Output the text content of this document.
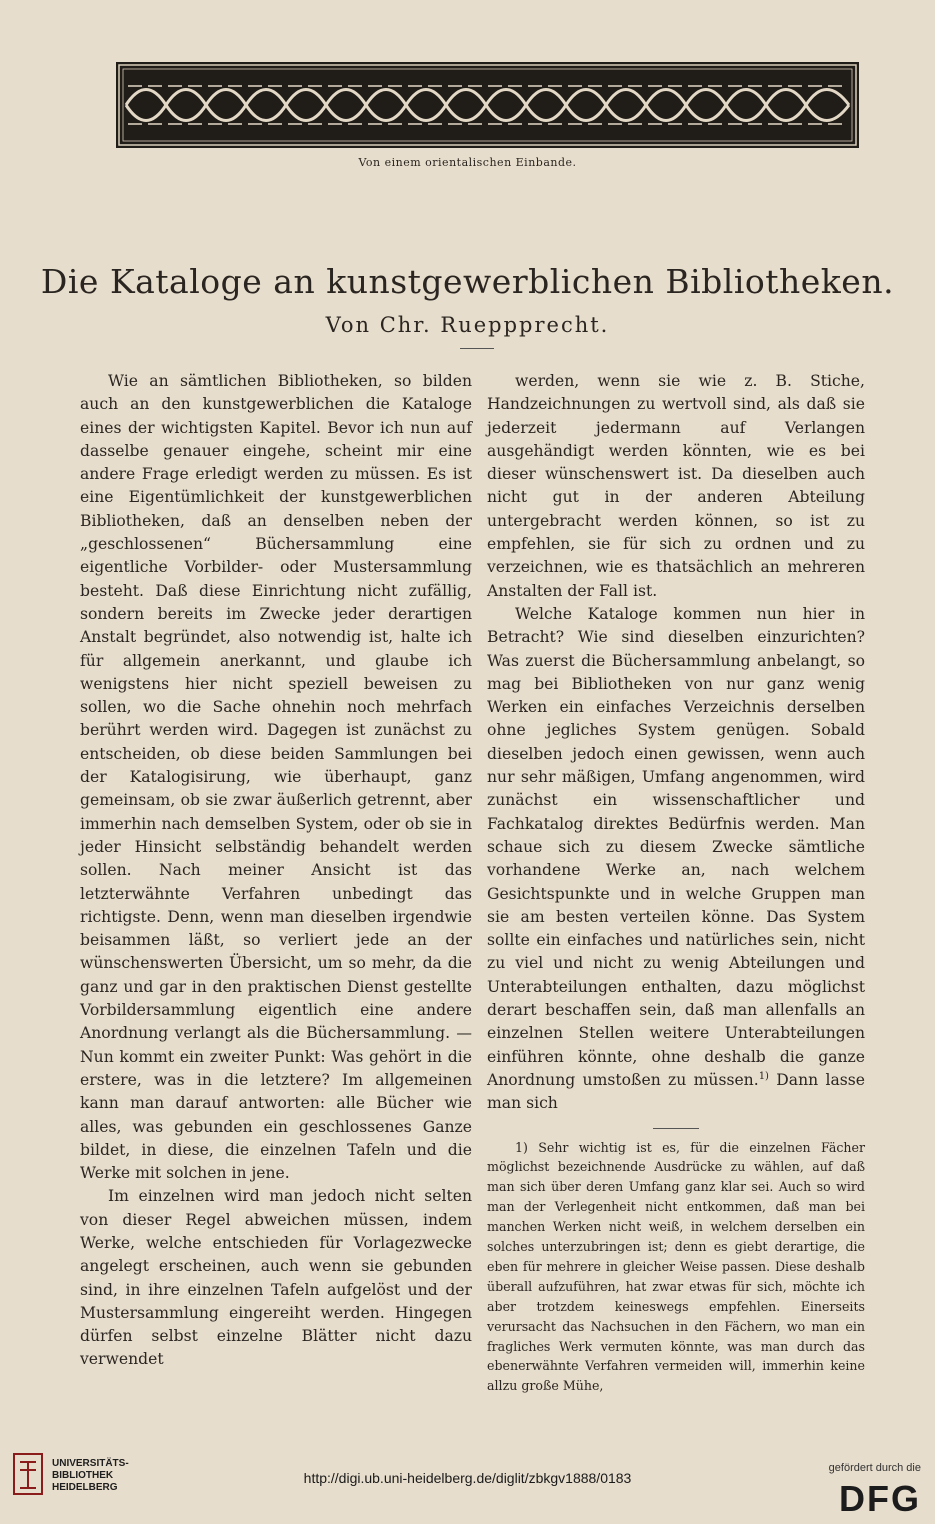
Von einem orientalischen Einbande.
Die Kataloge an kunstgewerblichen Bibliotheken.
Von Chr. Rueppprecht.

Wie an sämtlichen Bibliotheken, so bilden auch an den kunstgewerblichen die Kataloge eines der wichtigsten Kapitel. Bevor ich nun auf dasselbe genauer eingehe, scheint mir eine andere Frage erledigt werden zu müssen. Es ist eine Eigentümlichkeit der kunstgewerblichen Bibliotheken, daß an denselben neben der „geschlossenen“ Büchersammlung eine eigentliche Vorbilder- oder Mustersammlung besteht. Daß diese Einrichtung nicht zufällig, sondern bereits im Zwecke jeder derartigen Anstalt begründet, also notwendig ist, halte ich für allgemein anerkannt, und glaube ich wenigstens hier nicht speziell beweisen zu sollen, wo die Sache ohnehin noch mehrfach berührt werden wird. Dagegen ist zunächst zu entscheiden, ob diese beiden Sammlungen bei der Katalogisirung, wie überhaupt, ganz gemeinsam, ob sie zwar äußerlich getrennt, aber immerhin nach demselben System, oder ob sie in jeder Hinsicht selbständig behandelt werden sollen. Nach meiner Ansicht ist das letzterwähnte Verfahren unbedingt das richtigste. Denn, wenn man dieselben irgendwie beisammen läßt, so verliert jede an der wünschenswerten Übersicht, um so mehr, da die ganz und gar in den praktischen Dienst gestellte Vorbildersammlung eigentlich eine andere Anordnung verlangt als die Büchersammlung. — Nun kommt ein zweiter Punkt: Was gehört in die erstere, was in die letztere? Im allgemeinen kann man darauf antworten: alle Bücher wie alles, was gebunden ein geschlossenes Ganze bildet, in diese, die einzelnen Tafeln und die Werke mit solchen in jene.

Im einzelnen wird man jedoch nicht selten von dieser Regel abweichen müssen, indem Werke, welche entschieden für Vorlagezwecke angelegt erscheinen, auch wenn sie gebunden sind, in ihre einzelnen Tafeln aufgelöst und der Mustersammlung eingereiht werden. Hingegen dürfen selbst einzelne Blätter nicht dazu verwendet

werden, wenn sie wie z. B. Stiche, Handzeichnungen zu wertvoll sind, als daß sie jederzeit jedermann auf Verlangen ausgehändigt werden könnten, wie es bei dieser wünschenswert ist. Da dieselben auch nicht gut in der anderen Abteilung untergebracht werden können, so ist zu empfehlen, sie für sich zu ordnen und zu verzeichnen, wie es thatsächlich an mehreren Anstalten der Fall ist.

Welche Kataloge kommen nun hier in Betracht? Wie sind dieselben einzurichten? Was zuerst die Büchersammlung anbelangt, so mag bei Bibliotheken von nur ganz wenig Werken ein einfaches Verzeichnis derselben ohne jegliches System genügen. Sobald dieselben jedoch einen gewissen, wenn auch nur sehr mäßigen, Umfang angenommen, wird zunächst ein wissenschaftlicher und Fachkatalog direktes Bedürfnis werden. Man schaue sich zu diesem Zwecke sämtliche vorhandene Werke an, nach welchem Gesichtspunkte und in welche Gruppen man sie am besten verteilen könne. Das System sollte ein einfaches und natürliches sein, nicht zu viel und nicht zu wenig Abteilungen und Unterabteilungen enthalten, dazu möglichst derart beschaffen sein, daß man allenfalls an einzelnen Stellen weitere Unterabteilungen einführen könnte, ohne deshalb die ganze Anordnung umstoßen zu müssen.$^{1)}$ Dann lasse man sich

1) Sehr wichtig ist es, für die einzelnen Fächer möglichst bezeichnende Ausdrücke zu wählen, auf daß man sich über deren Umfang ganz klar sei. Auch so wird man der Verlegenheit nicht entkommen, daß man bei manchen Werken nicht weiß, in welchem derselben ein solches unterzubringen ist; denn es giebt derartige, die eben für mehrere in gleicher Weise passen. Diese deshalb überall aufzuführen, hat zwar etwas für sich, möchte ich aber trotzdem keineswegs empfehlen. Einerseits verursacht das Nachsuchen in den Fächern, wo man ein fragliches Werk vermuten könnte, was man durch das ebenerwähnte Verfahren vermeiden will, immerhin keine allzu große Mühe,

UNIVERSITÄTS-
BIBLIOTHEK
HEIDELBERG
http://digi.ub.uni-heidelberg.de/diglit/zbkgv1888/0183
gefördert durch die
DFG
